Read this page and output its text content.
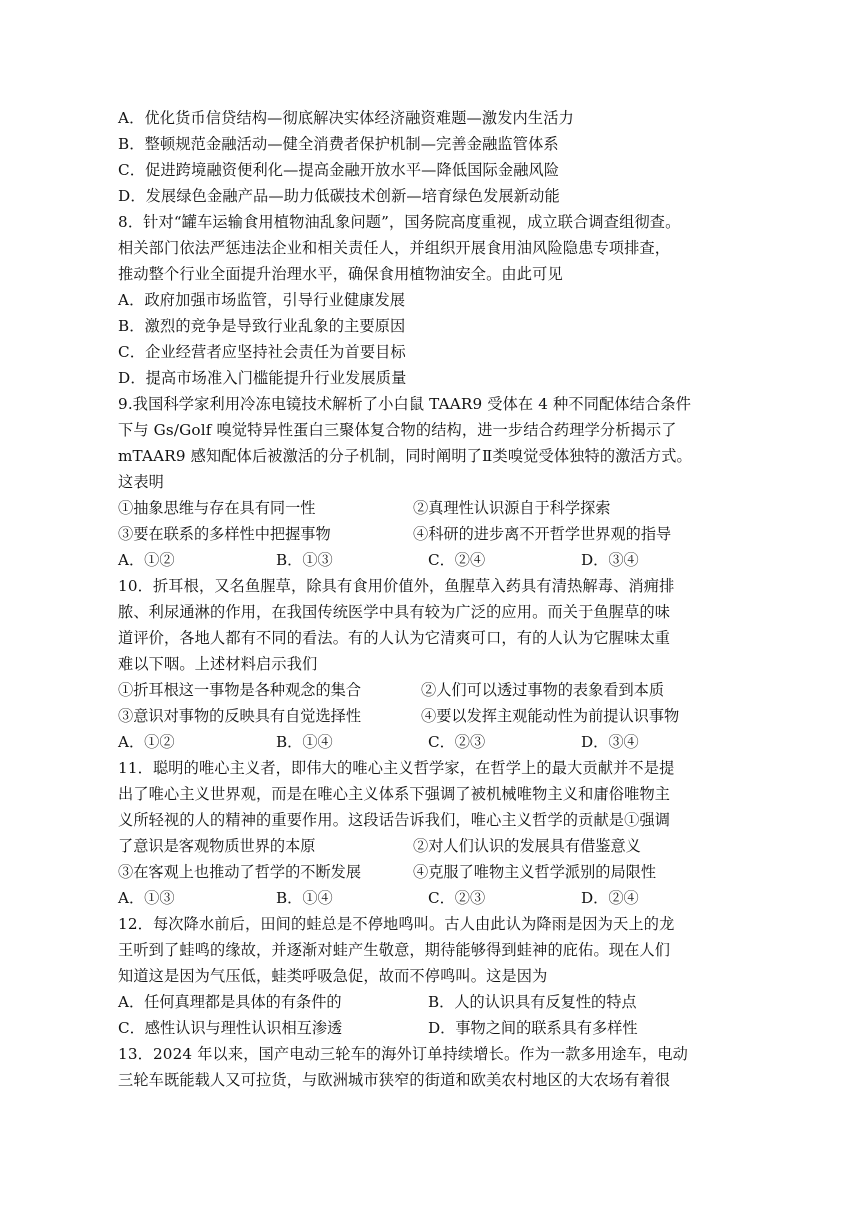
A．优化货币信贷结构—彻底解决实体经济融资难题—激发内生活力
B．整顿规范金融活动—健全消费者保护机制—完善金融监管体系
C．促进跨境融资便利化—提高金融开放水平—降低国际金融风险
D．发展绿色金融产品—助力低碳技术创新—培育绿色发展新动能
8．针对“罐车运输食用植物油乱象问题”，国务院高度重视，成立联合调查组彻查。
相关部门依法严惩违法企业和相关责任人，并组织开展食用油风险隐患专项排查，
推动整个行业全面提升治理水平，确保食用植物油安全。由此可见
A．政府加强市场监管，引导行业健康发展
B．激烈的竞争是导致行业乱象的主要原因
C．企业经营者应坚持社会责任为首要目标
D．提高市场准入门槛能提升行业发展质量
9.我国科学家利用冷冻电镜技术解析了小白鼠 TAAR9 受体在 4 种不同配体结合条件
下与 Gs/Golf 嗅觉特异性蛋白三聚体复合物的结构，进一步结合药理学分析揭示了
mTAAR9 感知配体后被激活的分子机制，同时阐明了Ⅱ类嗅觉受体独特的激活方式。
这表明
①抽象思维与存在具有同一性	②真理性认识源自于科学探索
③要在联系的多样性中把握事物	④科研的进步离不开哲学世界观的指导
A．①②	B．①③	C．②④	D．③④
10．折耳根，又名鱼腥草，除具有食用价值外，鱼腥草入药具有清热解毒、消痈排
脓、利尿通淋的作用，在我国传统医学中具有较为广泛的应用。而关于鱼腥草的味
道评价，各地人都有不同的看法。有的人认为它清爽可口，有的人认为它腥味太重
难以下咽。上述材料启示我们
①折耳根这一事物是各种观念的集合	②人们可以透过事物的表象看到本质
③意识对事物的反映具有自觉选择性	④要以发挥主观能动性为前提认识事物
A．①②	B．①④	C．②③	D．③④
11．聪明的唯心主义者，即伟大的唯心主义哲学家，在哲学上的最大贡献并不是提
出了唯心主义世界观，而是在唯心主义体系下强调了被机械唯物主义和庸俗唯物主
义所轻视的人的精神的重要作用。这段话告诉我们，唯心主义哲学的贡献是①强调
了意识是客观物质世界的本原	②对人们认识的发展具有借鉴意义
③在客观上也推动了哲学的不断发展	④克服了唯物主义哲学派别的局限性
A．①③	B．①④	C．②③	D．②④
12．每次降水前后，田间的蛙总是不停地鸣叫。古人由此认为降雨是因为天上的龙
王听到了蛙鸣的缘故，并逐渐对蛙产生敬意，期待能够得到蛙神的庇佑。现在人们
知道这是因为气压低，蛙类呼吸急促，故而不停鸣叫。这是因为
A．任何真理都是具体的有条件的	B．人的认识具有反复性的特点
C．感性认识与理性认识相互渗透	D．事物之间的联系具有多样性
13．2024 年以来，国产电动三轮车的海外订单持续增长。作为一款多用途车，电动
三轮车既能载人又可拉货，与欧洲城市狭窄的街道和欧美农村地区的大农场有着很
